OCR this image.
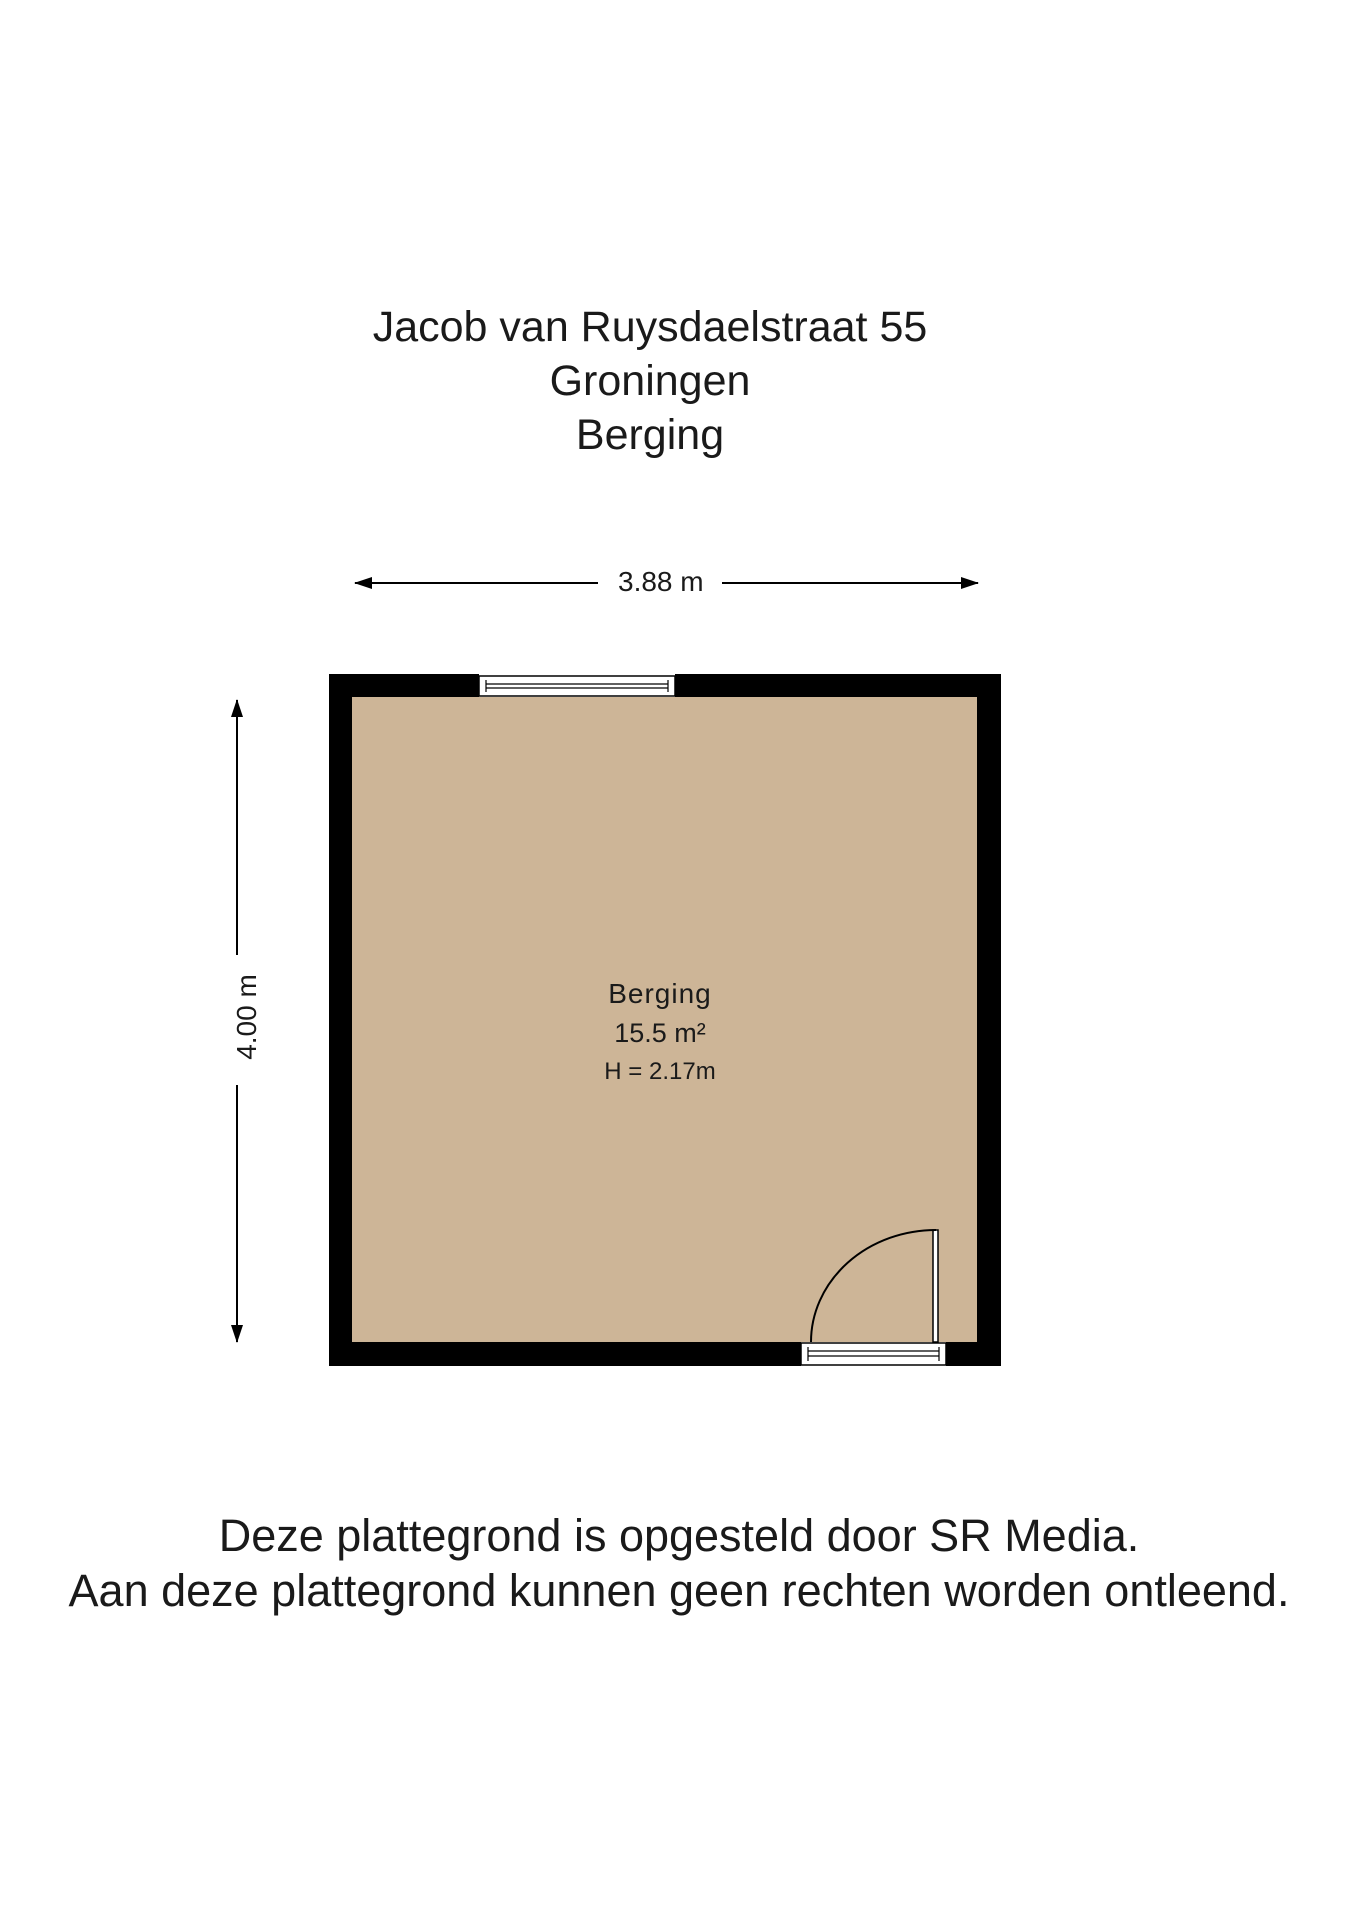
Jacob van Ruysdaelstraat 55
Groningen
Berging
3.88 m
4.00 m	Berging
15.5 m²
H = 2.17m
Deze plattegrond is opgesteld door SR Media.
Aan deze plattegrond kunnen geen rechten worden ontleend.
